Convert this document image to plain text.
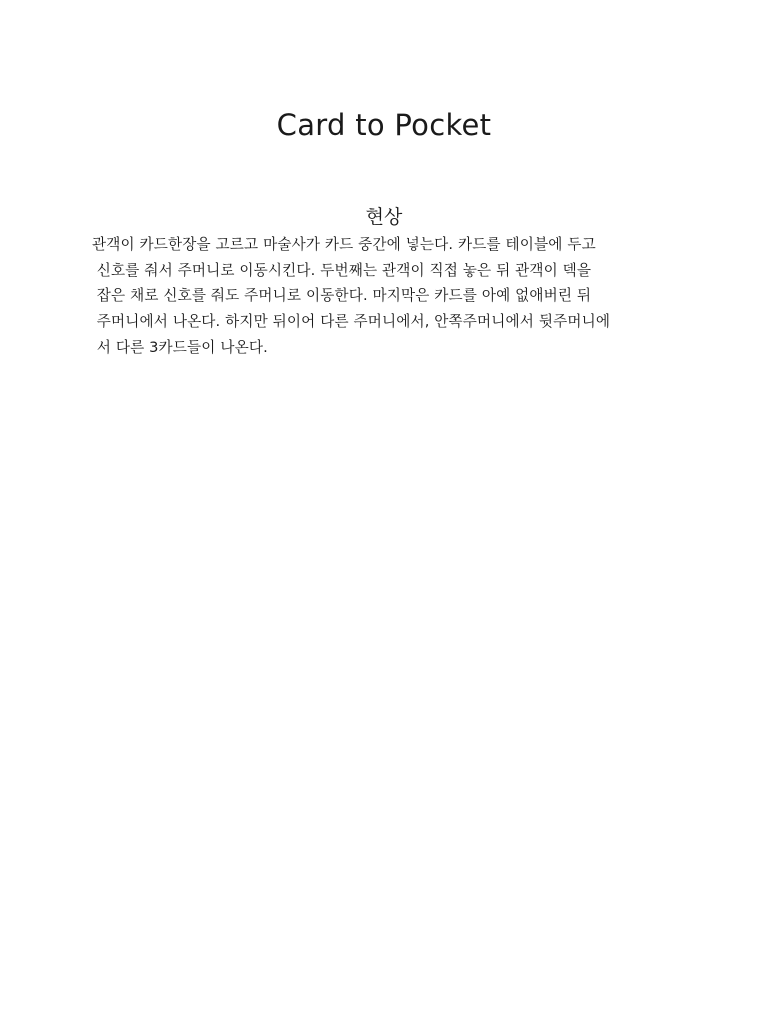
Card to Pocket
현상
관객이 카드한장을 고르고 마술사가 카드 중간에 넣는다. 카드를 테이블에 두고
신호를 줘서 주머니로 이동시킨다. 두번째는 관객이 직접 놓은 뒤 관객이 덱을
잡은 채로 신호를 줘도 주머니로 이동한다. 마지막은 카드를 아예 없애버린 뒤
주머니에서 나온다. 하지만 뒤이어 다른 주머니에서, 안쪽주머니에서 뒷주머니에
서 다른 3카드들이 나온다.
